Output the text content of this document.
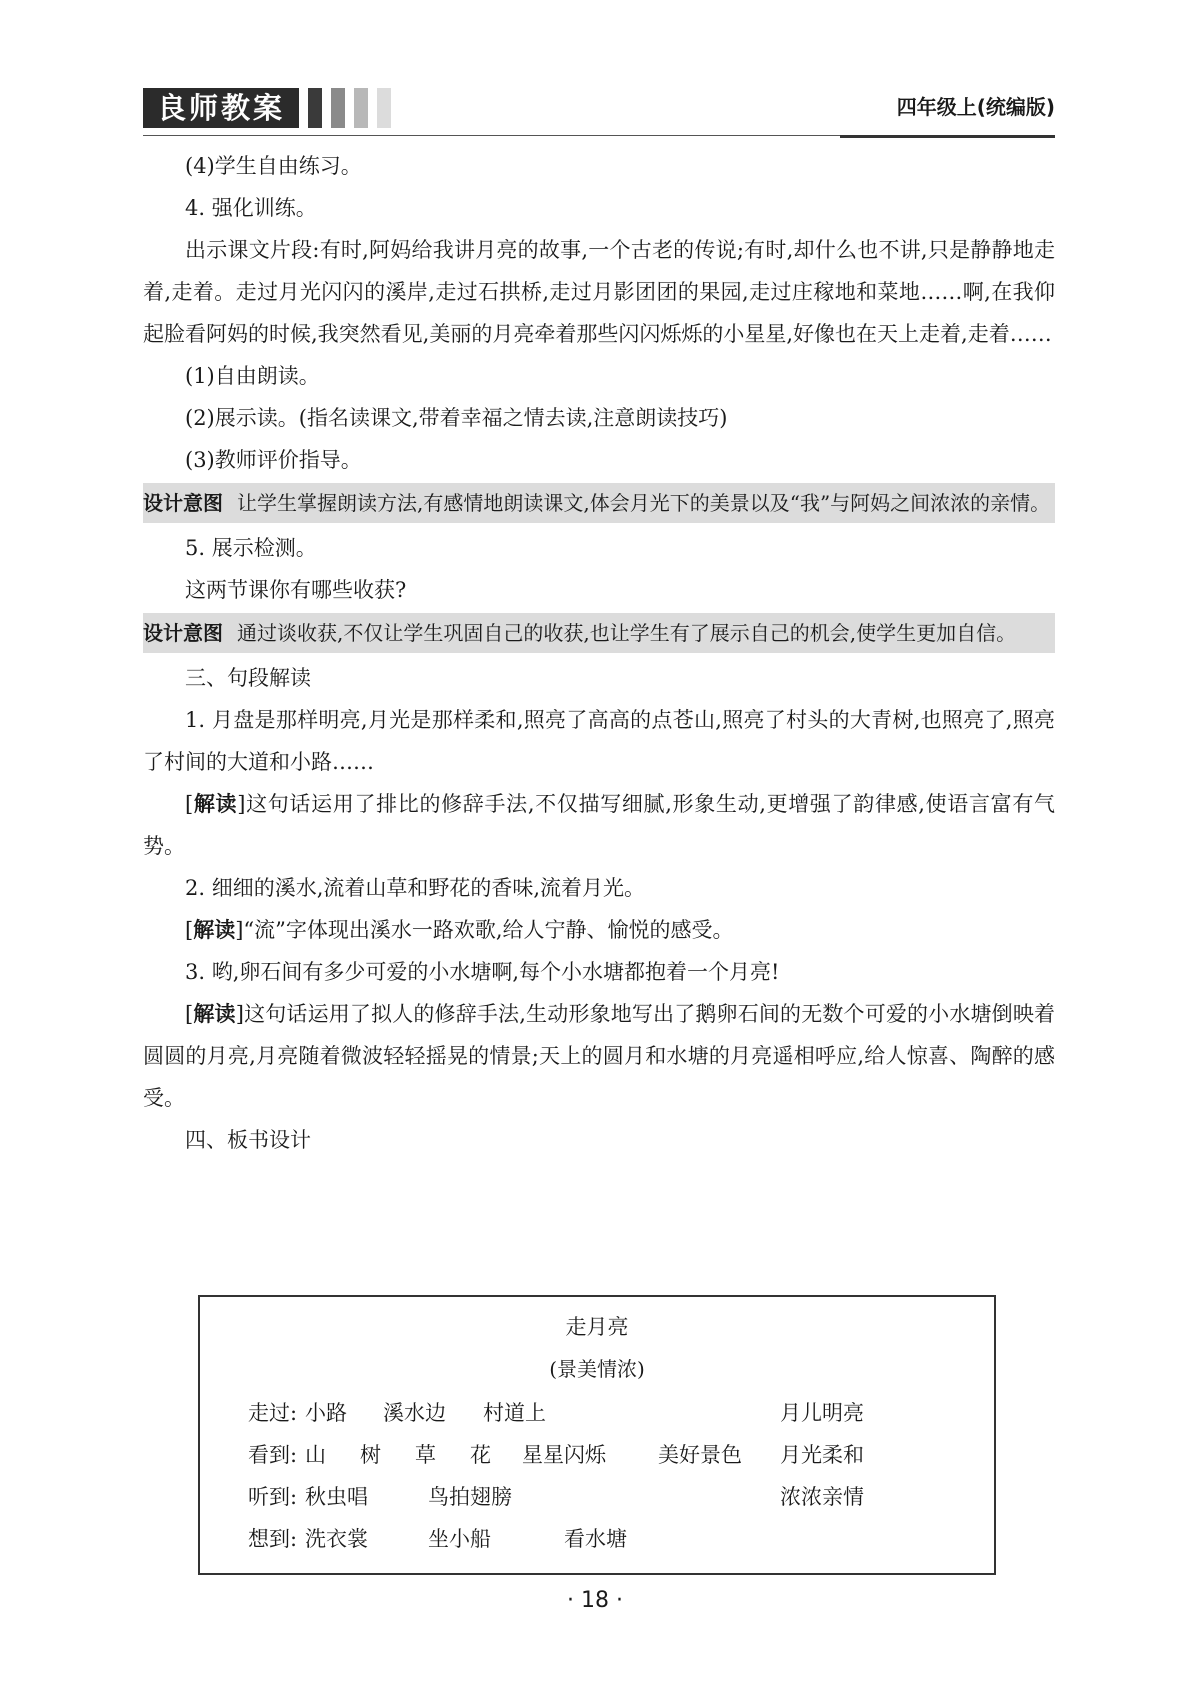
良师教案	四年级上(统编版)

(4)学生自由练习。

4. 强化训练。

出示课文片段:有时,阿妈给我讲月亮的故事,一个古老的传说;有时,却什么也不讲,只是静静地走着,走着。走过月光闪闪的溪岸,走过石拱桥,走过月影团团的果园,走过庄稼地和菜地……啊,在我仰起脸看阿妈的时候,我突然看见,美丽的月亮牵着那些闪闪烁烁的小星星,好像也在天上走着,走着……

(1)自由朗读。

(2)展示读。(指名读课文,带着幸福之情去读,注意朗读技巧)

(3)教师评价指导。

设计意图 让学生掌握朗读方法,有感情地朗读课文,体会月光下的美景以及“我”与阿妈之间浓浓的亲情。

5. 展示检测。

这两节课你有哪些收获?

设计意图 通过谈收获,不仅让学生巩固自己的收获,也让学生有了展示自己的机会,使学生更加自信。

三、句段解读

1. 月盘是那样明亮,月光是那样柔和,照亮了高高的点苍山,照亮了村头的大青树,也照亮了,照亮了村间的大道和小路……

[解读]这句话运用了排比的修辞手法,不仅描写细腻,形象生动,更增强了韵律感,使语言富有气势。

2. 细细的溪水,流着山草和野花的香味,流着月光。

[解读]“流”字体现出溪水一路欢歌,给人宁静、愉悦的感受。

3. 哟,卵石间有多少可爱的小水塘啊,每个小水塘都抱着一个月亮!

[解读]这句话运用了拟人的修辞手法,生动形象地写出了鹅卵石间的无数个可爱的小水塘倒映着圆圆的月亮,月亮随着微波轻轻摇晃的情景;天上的圆月和水塘的月亮遥相呼应,给人惊喜、陶醉的感受。

四、板书设计

走月亮
(景美情浓)
走过: 小路 溪水边 村道上	月儿明亮
看到: 山 树 草 花 星星闪烁 美好景色 月光柔和
听到: 秋虫唱	鸟拍翅膀	浓浓亲情
想到: 洗衣裳	坐小船	看水塘
· 18 ·
